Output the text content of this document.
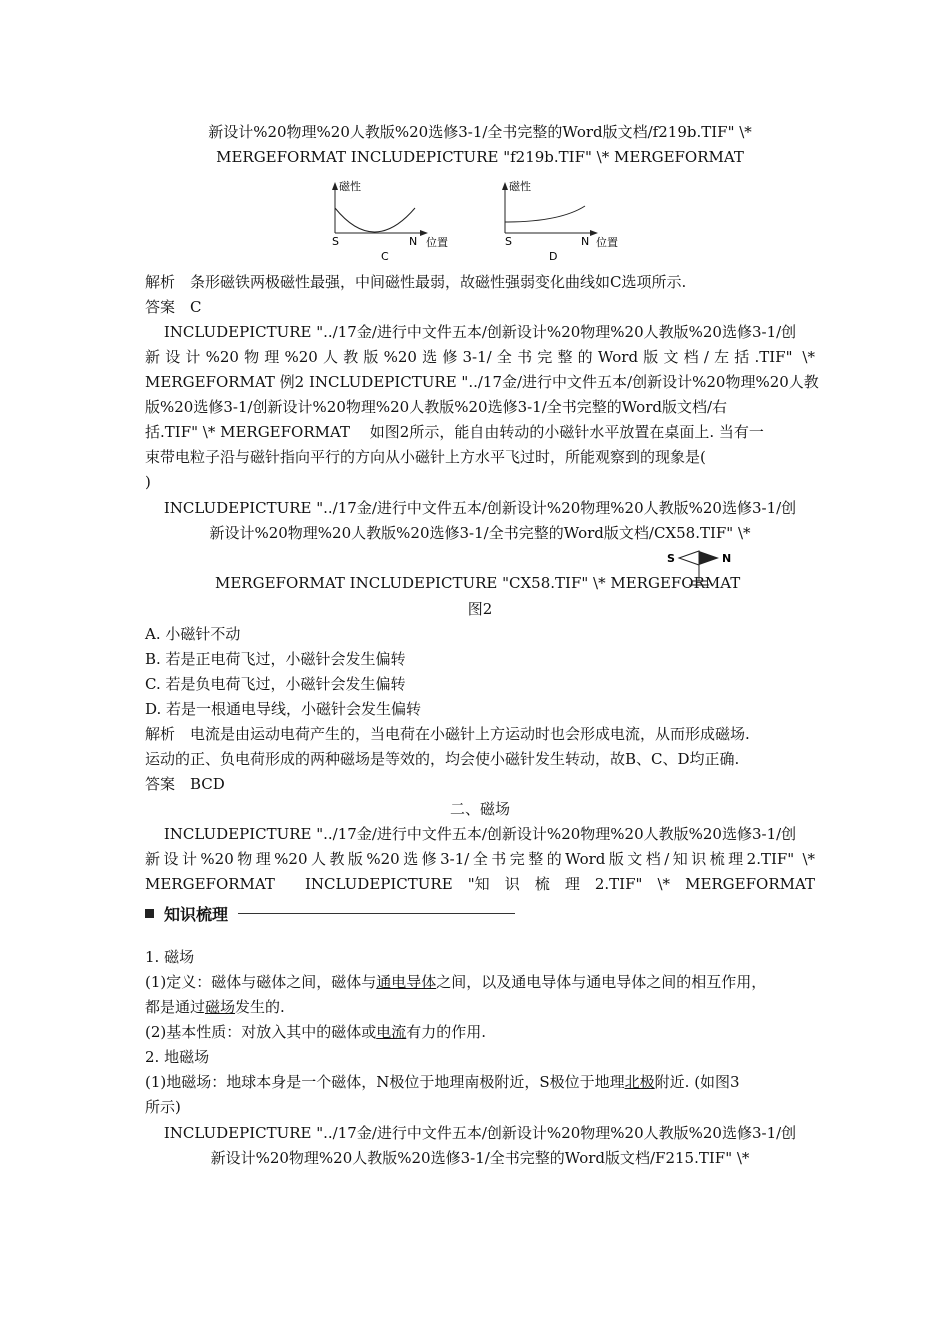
新设计%20物理%20人教版%20选修3-1/全书完整的Word版文档/f219b.TIF" \*
MERGEFORMAT INCLUDEPICTURE "f219b.TIF" \* MERGEFORMAT
磁性
S	N 位置
C
磁性
S	N 位置
D
解析　条形磁铁两极磁性最强，中间磁性最弱，故磁性强弱变化曲线如C选项所示.
答案　C
INCLUDEPICTURE "../17金/进行中文件五本/创新设计%20物理%20人教版%20选修3-1/创
新设计%20物理%20人教版%20选修3-1/全书完整的Word版文档/左括.TIF" \*
MERGEFORMAT 例2 INCLUDEPICTURE "../17金/进行中文件五本/创新设计%20物理%20人教
版%20选修3-1/创新设计%20物理%20人教版%20选修3-1/全书完整的Word版文档/右
括.TIF" \* MERGEFORMAT　 如图2所示，能自由转动的小磁针水平放置在桌面上. 当有一
束带电粒子沿与磁针指向平行的方向从小磁针上方水平飞过时，所能观察到的现象是(
)
INCLUDEPICTURE "../17金/进行中文件五本/创新设计%20物理%20人教版%20选修3-1/创
新设计%20物理%20人教版%20选修3-1/全书完整的Word版文档/CX58.TIF" \*
MERGEFORMAT INCLUDEPICTURE "CX58.TIF" \* MERGEFORMAT
S	N
图2
A. 小磁针不动
B. 若是正电荷飞过，小磁针会发生偏转
C. 若是负电荷飞过，小磁针会发生偏转
D. 若是一根通电导线，小磁针会发生偏转
解析　电流是由运动电荷产生的，当电荷在小磁针上方运动时也会形成电流，从而形成磁场.
运动的正、负电荷形成的两种磁场是等效的，均会使小磁针发生转动，故B、C、D均正确.
答案　BCD
二、磁场
INCLUDEPICTURE "../17金/进行中文件五本/创新设计%20物理%20人教版%20选修3-1/创
新设计%20物理%20人教版%20选修3-1/全书完整的Word版文档/知识梳理2.TIF" \*
MERGEFORMAT　　INCLUDEPICTURE　"知　识　梳　理　2.TIF"　\*　MERGEFORMAT
知识梳理
1. 磁场
(1)定义：磁体与磁体之间，磁体与通电导体之间，以及通电导体与通电导体之间的相互作用，
都是通过磁场发生的.
(2)基本性质：对放入其中的磁体或电流有力的作用.
2. 地磁场
(1)地磁场：地球本身是一个磁体，N极位于地理南极附近，S极位于地理北极附近. (如图3
所示)
INCLUDEPICTURE "../17金/进行中文件五本/创新设计%20物理%20人教版%20选修3-1/创
新设计%20物理%20人教版%20选修3-1/全书完整的Word版文档/F215.TIF" \*
